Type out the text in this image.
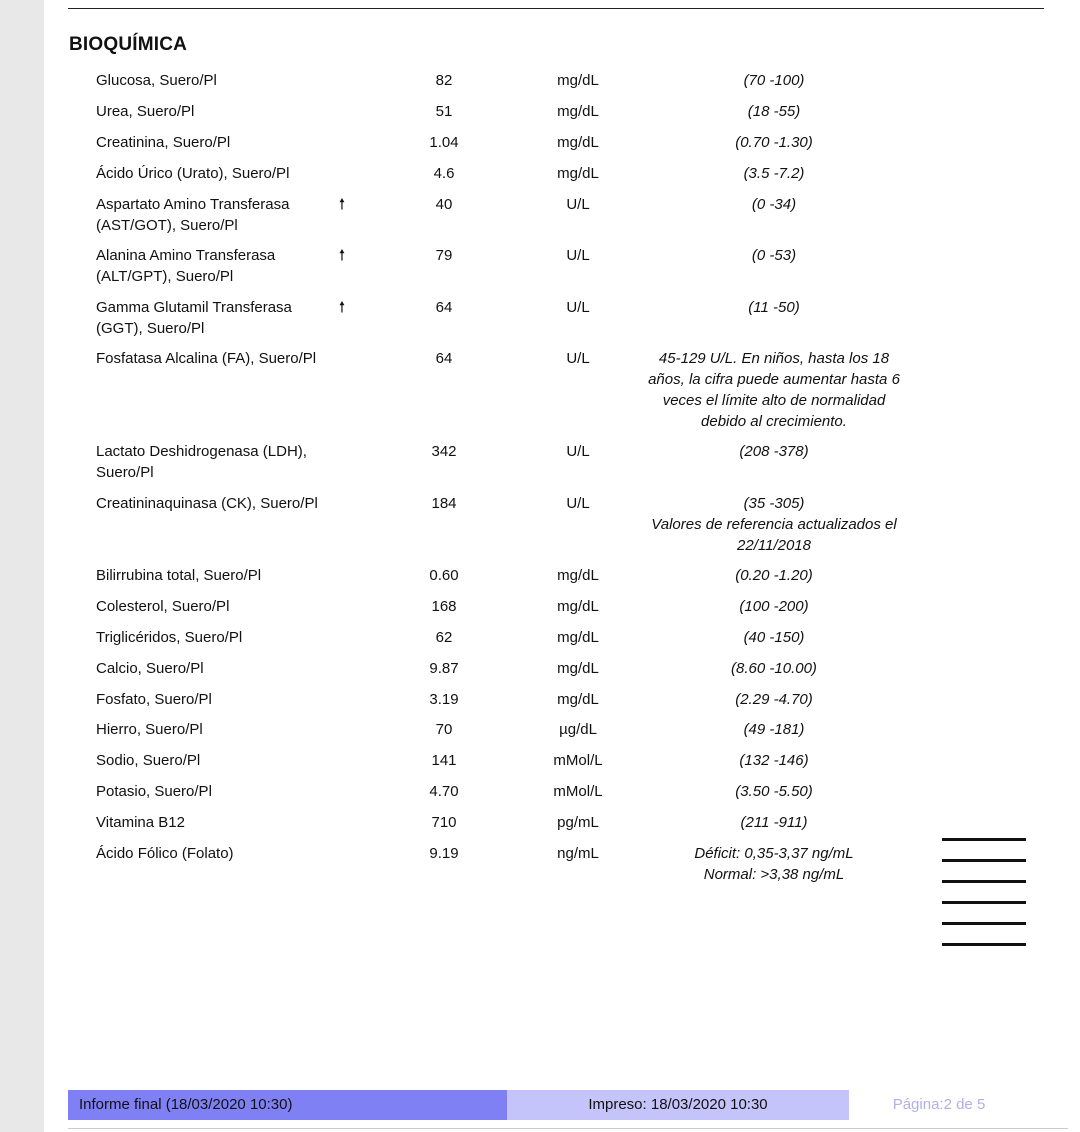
BIOQUÍMICA
Glucosa, Suero/Pl	82	mg/dL	(70 -100)
Urea, Suero/Pl	51	mg/dL	(18 -55)
Creatinina, Suero/Pl	1.04	mg/dL	(0.70 -1.30)
Ácido Úrico (Urato), Suero/Pl	4.6	mg/dL	(3.5 -7.2)
Aspartato Amino Transferasa
(AST/GOT), Suero/Pl
🠕	40	U/L	(0 -34)
Alanina Amino Transferasa
(ALT/GPT), Suero/Pl
🠕	79	U/L	(0 -53)
Gamma Glutamil Transferasa
(GGT), Suero/Pl
🠕	64	U/L	(11 -50)
Fosfatasa Alcalina (FA), Suero/Pl	64	U/L	45-129 U/L. En niños, hasta los 18
años, la cifra puede aumentar hasta 6
veces el límite alto de normalidad
debido al crecimiento.
Lactato Deshidrogenasa (LDH),
Suero/Pl
342	U/L	(208 -378)
Creatininaquinasa (CK), Suero/Pl	184	U/L	(35 -305)
Valores de referencia actualizados el
22/11/2018
Bilirrubina total, Suero/Pl	0.60	mg/dL	(0.20 -1.20)
Colesterol, Suero/Pl	168	mg/dL	(100 -200)
Triglicéridos, Suero/Pl	62	mg/dL	(40 -150)
Calcio, Suero/Pl	9.87	mg/dL	(8.60 -10.00)
Fosfato, Suero/Pl	3.19	mg/dL	(2.29 -4.70)
Hierro, Suero/Pl	70	µg/dL	(49 -181)
Sodio, Suero/Pl	141	mMol/L	(132 -146)
Potasio, Suero/Pl	4.70	mMol/L	(3.50 -5.50)
Vitamina B12	710	pg/mL	(211 -911)
Ácido Fólico (Folato)	9.19	ng/mL	Déficit: 0,35-3,37 ng/mL
Normal: >3,38 ng/mL
Informe final (18/03/2020 10:30)	Impreso: 18/03/2020 10:30	Página:2 de 5
